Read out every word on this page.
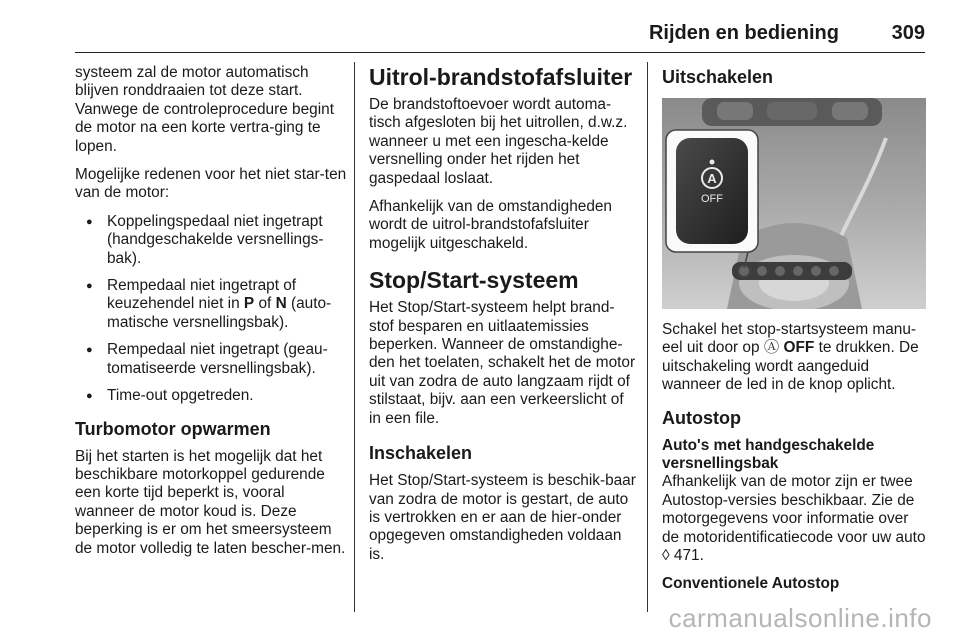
Rijden en bediening	309

systeem zal de motor automatisch blijven ronddraaien tot deze start. Vanwege de controleprocedure begint de motor na een korte vertra-ging te lopen.

Mogelijke redenen voor het niet star-ten van de motor:

● Koppelingspedaal niet ingetrapt (handgeschakelde versnellings-bak).
● Rempedaal niet ingetrapt of keuzehendel niet in P of N (auto-matische versnellingsbak).
● Rempedaal niet ingetrapt (geau-tomatiseerde versnellingsbak).
● Time-out opgetreden.
Turbomotor opwarmen

Bij het starten is het mogelijk dat het beschikbare motorkoppel gedurende een korte tijd beperkt is, vooral wanneer de motor koud is. Deze beperking is er om het smeersysteem de motor volledig te laten bescher-men.

Uitrol-brandstofafsluiter

De brandstoftoevoer wordt automa-tisch afgesloten bij het uitrollen, d.w.z. wanneer u met een ingescha-kelde versnelling onder het rijden het gaspedaal loslaat.

Afhankelijk van de omstandigheden wordt de uitrol-brandstofafsluiter mogelijk uitgeschakeld.

Stop/Start-systeem

Het Stop/Start-systeem helpt brand-stof besparen en uitlaatemissies beperken. Wanneer de omstandighe-den het toelaten, schakelt het de motor uit van zodra de auto langzaam rijdt of stilstaat, bijv. aan een verkeerslicht of in een file.

Inschakelen

Het Stop/Start-systeem is beschik-baar van zodra de motor is gestart, de auto is vertrokken en er aan de hier-onder opgegeven omstandigheden voldaan is.

Uitschakelen
A
OFF

Schakel het stop-startsysteem manu-eel uit door op Ⓐ OFF te drukken. De uitschakeling wordt aangeduid wanneer de led in de knop oplicht.

Autostop
Auto's met handgeschakelde versnellingsbak

Afhankelijk van de motor zijn er twee Autostop-versies beschikbaar. Zie de motorgegevens voor informatie over de motoridentificatiecode voor uw auto ◊ 471.

Conventionele Autostop
carmanualsonline.info
